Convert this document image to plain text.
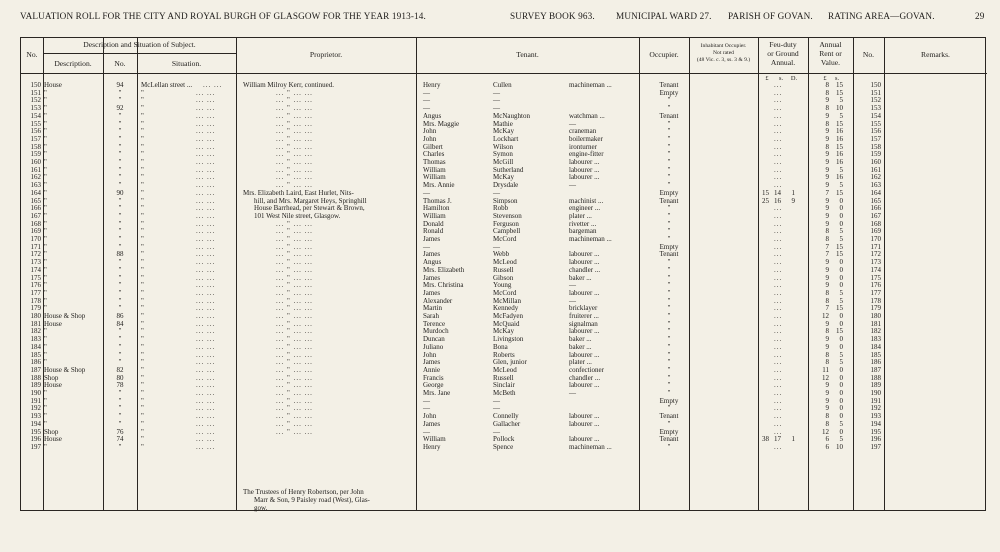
VALUATION ROLL FOR THE CITY AND ROYAL BURGH OF GLASGOW FOR THE YEAR 1913-14.	SURVEY BOOK 963. MUNICIPAL WARD 27. PARISH OF GOVAN. RATING AREA—GOVAN.	29
No.
Description and Situation of Subject.
Description.	No.	Situation.
Proprietor.	Tenant.	Occupier.
Inhabitant Occupier.
Not rated
(48 Vic. c. 3, ss. 3 & 9.)
Feu-duty
or Ground
Annual.
Annual
Rent or
Value.
No.	Remarks.
£	s.	D.	£	s.
William Milroy Kerr, continued.
Mrs. Elizabeth Laird, East Hurlet, Nits-
hill, and Mrs. Margaret Heys, Springhill
House Barrhead, per Stewart & Brown,
101 West Nile street, Glasgow.
The Trustees of Henry Robertson, per John
Marr & Son, 9 Paisley road (West), Glas-
gow.
150 House	94	McLellan street ...	Henry	Cullen	machineman ...	Tenant	8	15	150
... ...	...
151 "	"	"	—	—	Empty	8	15	151
... ...	... " ... ...	...
152 "	"	"	—	—	"	9	5	152
... ...	... " ... ...	...
153 "	92	"	—	—	"	8	10	153
... ...	... " ... ...	...
154 "	"	"	Angus	McNaughton	watchman ...	Tenant	9	5	154
... ...	... " ... ...	...
155 "	"	"	Mrs. Maggie	Mathie	—	"	8	15	155
... ...	... " ... ...	...
156 "	"	"	John	McKay	craneman	"	9	16	156
... ...	... " ... ...	...
157 "	"	"	John	Lockhart	boilermaker	"	9	16	157
... ...	... " ... ...	...
158 "	"	"	Gilbert	Wilson	ironturner	"	8	15	158
... ...	... " ... ...	...
159 "	"	"	Charles	Symon	engine-fitter	"	9	16	159
... ...	... " ... ...	...
160 "	"	"	Thomas	McGill	labourer ...	"	9	16	160
... ...	... " ... ...	...
161 "	"	"	William	Sutherland	labourer ...	"	9	5	161
... ...	... " ... ...	...
162 "	"	"	William	McKay	labourer ...	"	9	16	162
... ...	... " ... ...	...
163 "	"	"	Mrs. Annie	Drysdale	—	"	9	5	163
... ...	... " ... ...	...
164 "	90	"	—	—	Empty	15 14	1	7	15	164
... ...
165 "	"	"	Thomas J.	Simpson	machinist ...	Tenant	25 16	9	9	0	165
... ...
166 "	"	"	Hamilton	Robb	engineer ...	"	9	0	166
... ...	...
167 "	"	"	William	Stevenson	plater ...	"	9	0	167
... ...	...
168 "	"	"	Donald	Ferguson	rivetter ...	"	9	0	168
... ...	... " ... ...	...
169 "	"	"	Ronald	Campbell	bargeman	"	8	5	169
... ...	... " ... ...	...
170 "	"	"	James	McCord	machineman ...	"	8	5	170
... ...	... " ... ...	...
171 "	"	"	—	—	Empty	7	15	171
... ...	... " ... ...	...
172 "	88	"	James	Webb	labourer ...	Tenant	7	15	172
... ...	... " ... ...	...
173 "	"	"	Angus	McLeod	labourer ...	"	9	0	173
... ...	... " ... ...	...
174 "	"	"	Mrs. Elizabeth	Russell	chandler ...	"	9	0	174
... ...	... " ... ...	...
175 "	"	"	James	Gibson	baker ...	"	9	0	175
... ...	... " ... ...	...
176 "	"	"	Mrs. Christina	Young	—	"	9	0	176
... ...	... " ... ...	...
177 "	"	"	James	McCord	labourer ...	"	8	5	177
... ...	... " ... ...	...
178 "	"	"	Alexander	McMillan	—	"	8	5	178
... ...	... " ... ...	...
179 "	"	"	Martin	Kennedy	bricklayer	"	7	15	179
... ...	... " ... ...	...
180 House & Shop	86	"	Sarah	McFadyen	fruiterer ...	"	12	0	180
... ...	... " ... ...	...
181 House	84	"	Terence	McQuaid	signalman	"	9	0	181
... ...	... " ... ...	...
182 "	"	"	Murdoch	McKay	labourer ...	"	8	15	182
... ...	... " ... ...	...
183 "	"	"	Duncan	Livingston	baker ...	"	9	0	183
... ...	... " ... ...	...
184 "	"	"	Juliano	Bona	baker ...	"	9	0	184
... ...	... " ... ...	...
185 "	"	"	John	Roberts	labourer ...	"	8	5	185
... ...	... " ... ...	...
186 "	"	"	James	Glen, junior	plater ...	"	8	5	186
... ...	... " ... ...	...
187 House & Shop	82	"	Annie	McLeod	confectioner	"	11	0	187
... ...	... " ... ...	...
188 Shop	80	"	Francis	Russell	chandler ...	"	12	0	188
... ...	... " ... ...	...
189 House	78	"	George	Sinclair	labourer ...	"	9	0	189
... ...	... " ... ...	...
190 "	"	"	Mrs. Jane	McBeth	—	"	9	0	190
... ...	... " ... ...	...
191 "	"	"	—	—	Empty	9	0	191
... ...	... " ... ...	...
192 "	"	"	—	—	"	9	0	192
... ...	... " ... ...	...
193 "	"	"	John	Connelly	labourer ...	Tenant	8	0	193
... ...	... " ... ...	...
194 "	"	"	James	Gallacher	labourer ...	"	8	5	194
... ...	... " ... ...	...
195 Shop	76	"	—	—	Empty	12	0	195
... ...	... " ... ...	...
196 House	74	"	William	Pollock	labourer ...	Tenant	38 17	1	6	5	196
... ...
197 "	"	"	Henry	Spence	machineman ...	"	6	10	197
... ...	...
